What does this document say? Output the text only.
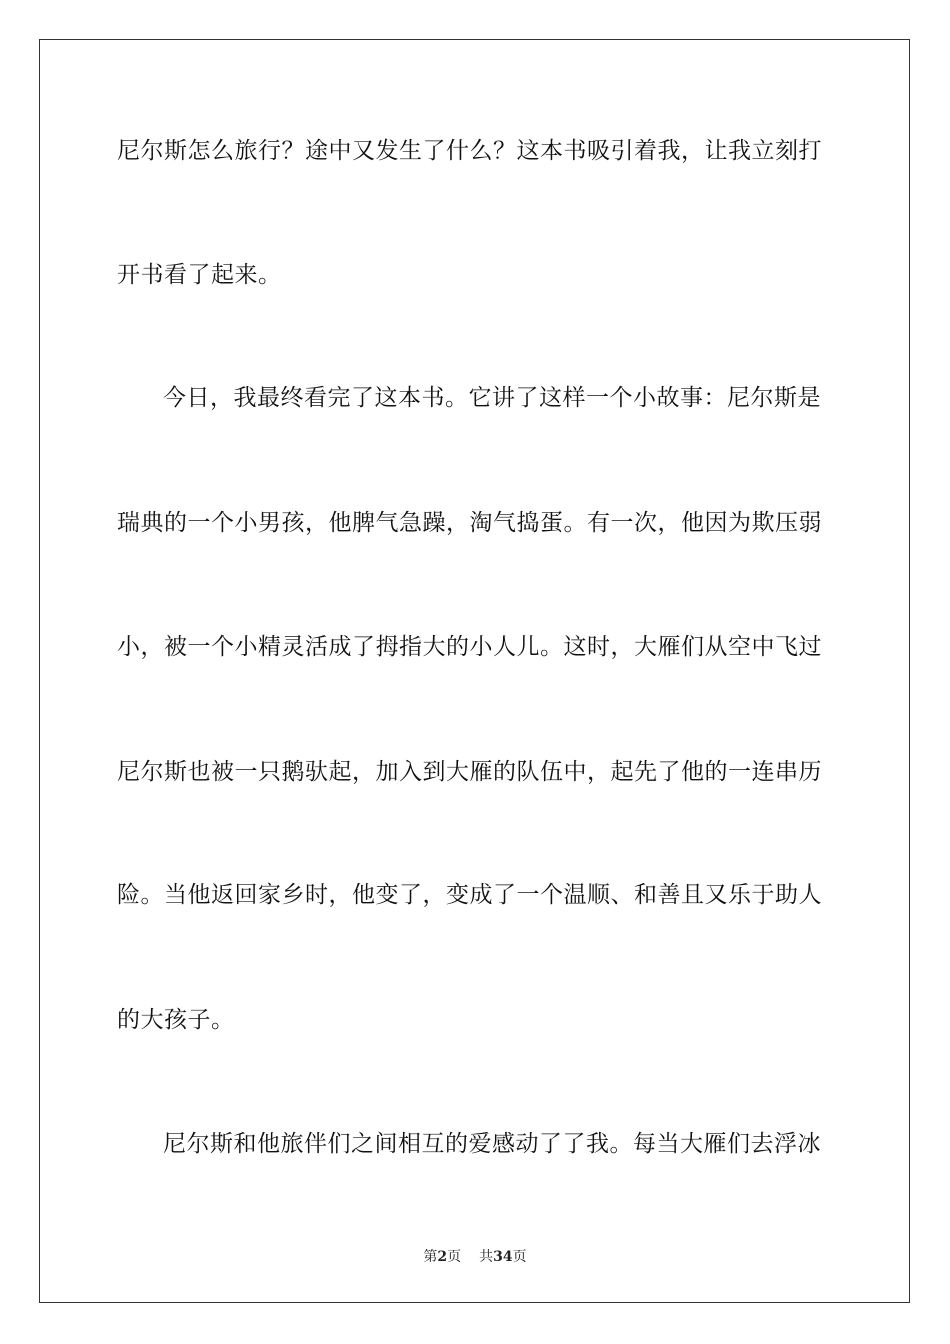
尼尔斯怎么旅行？途中又发生了什么？这本书吸引着我，让我立刻打
开书看了起来。
今日，我最终看完了这本书。它讲了这样一个小故事：尼尔斯是
瑞典的一个小男孩，他脾气急躁，淘气捣蛋。有一次，他因为欺压弱
小，被一个小精灵活成了拇指大的小人儿。这时，大雁们从空中飞过
尼尔斯也被一只鹅驮起，加入到大雁的队伍中，起先了他的一连串历
险。当他返回家乡时，他变了，变成了一个温顺、和善且又乐于助人
的大孩子。
尼尔斯和他旅伴们之间相互的爱感动了了我。每当大雁们去浮冰
第2页 共34页
